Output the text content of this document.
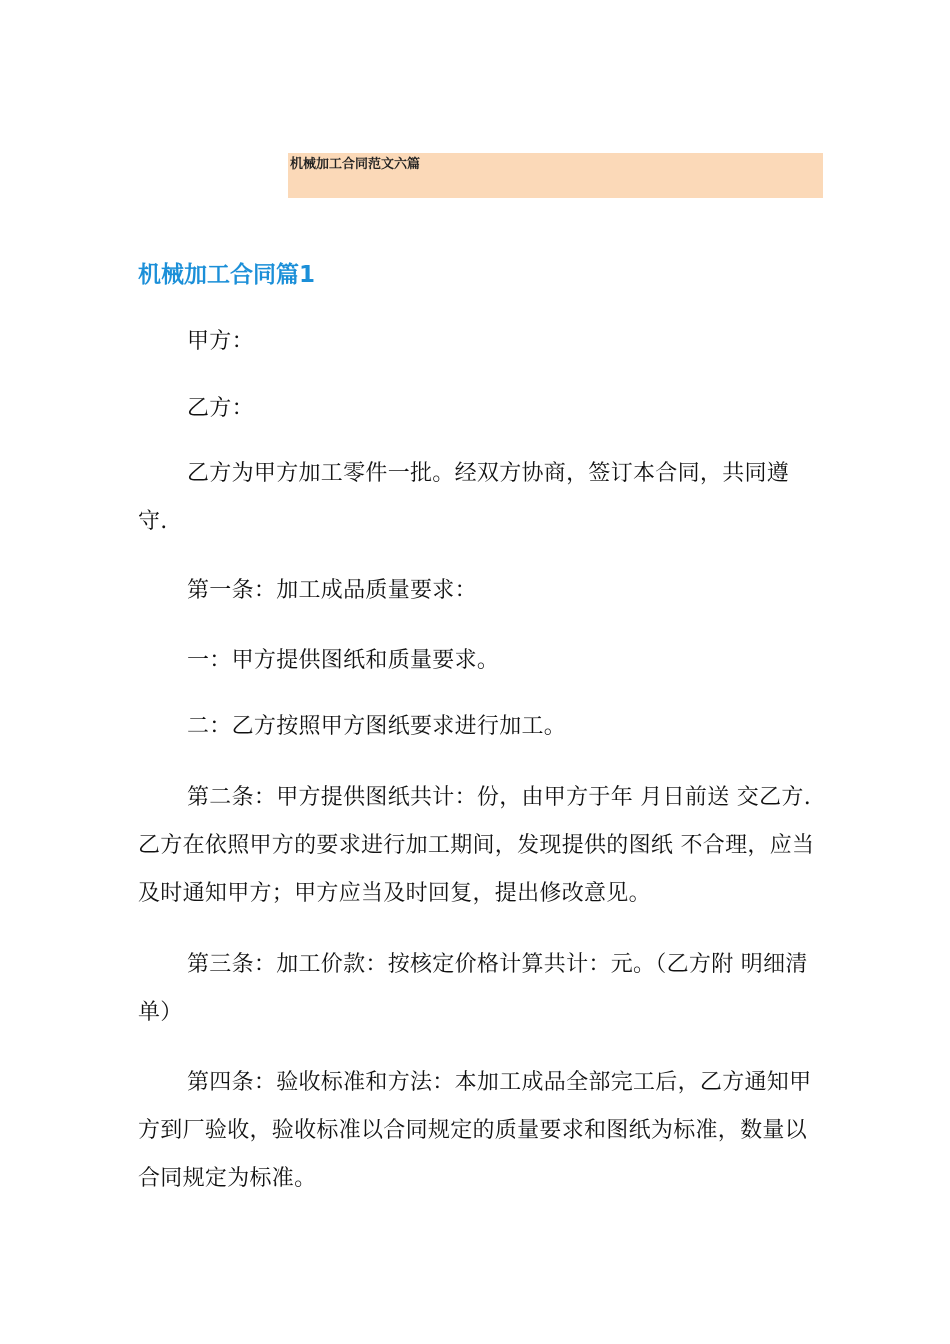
机械加工合同范文六篇
机械加工合同篇1

甲方：

乙方：

乙方为甲方加工零件一批。经双方协商，签订本合同，共同遵守.

第一条：加工成品质量要求：

一：甲方提供图纸和质量要求。

二：乙方按照甲方图纸要求进行加工。

第二条：甲方提供图纸共计：份，由甲方于年 月日前送 交乙方. 乙方在依照甲方的要求进行加工期间，发现提供的图纸 不合理，应当及时通知甲方；甲方应当及时回复，提出修改意见。

第三条：加工价款：按核定价格计算共计：元。（乙方附 明细清单）

第四条：验收标准和方法：本加工成品全部完工后，乙方通知甲方到厂验收，验收标准以合同规定的质量要求和图纸为标准，数量以合同规定为标准。
